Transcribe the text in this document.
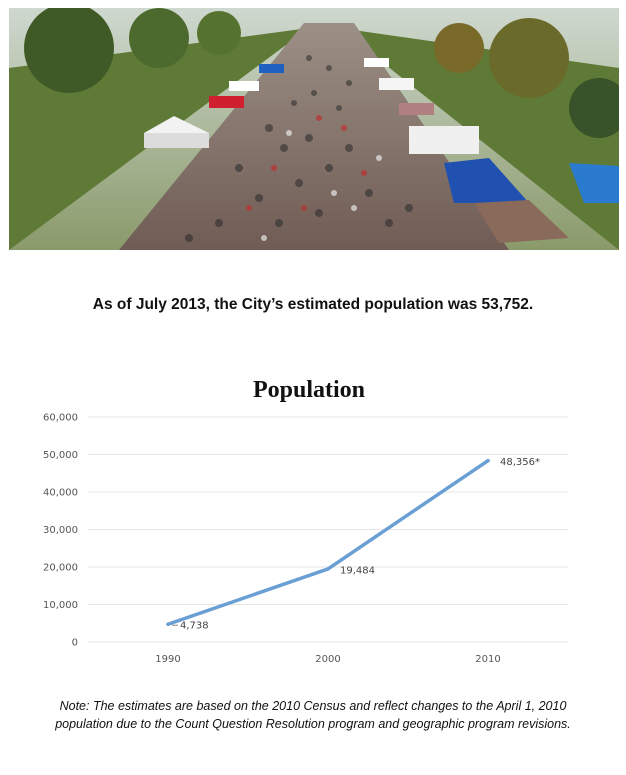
As of July 2013, the City’s estimated population was 53,752.
Population
0
10,000
20,000
30,000
40,000
50,000
60,000
1990	2000	2010
4,738
19,484
48,356*
Note: The estimates are based on the 2010 Census and reflect changes to the April 1, 2010
population due to the Count Question Resolution program and geographic program revisions.
